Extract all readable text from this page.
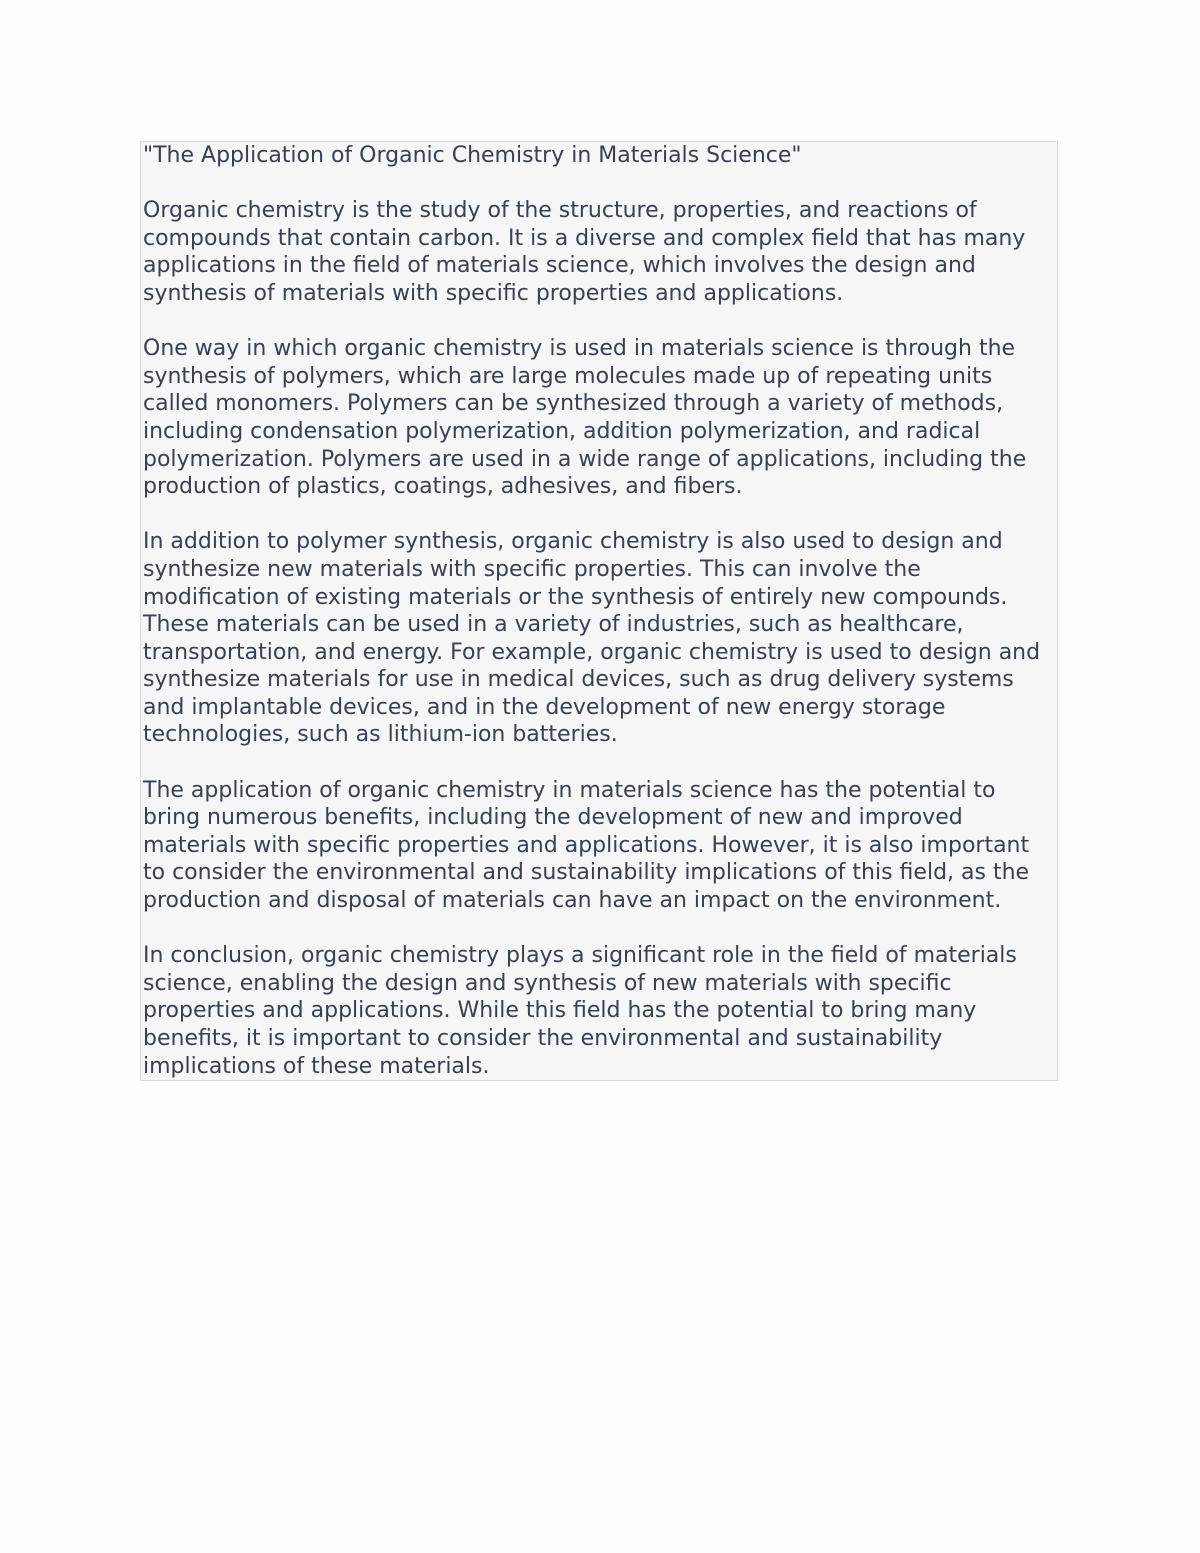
"The Application of Organic Chemistry in Materials Science"

Organic chemistry is the study of the structure, properties, and reactions of compounds that contain carbon. It is a diverse and complex field that has many applications in the field of materials science, which involves the design and synthesis of materials with specific properties and applications.

One way in which organic chemistry is used in materials science is through the synthesis of polymers, which are large molecules made up of repeating units called monomers. Polymers can be synthesized through a variety of methods, including condensation polymerization, addition polymerization, and radical polymerization. Polymers are used in a wide range of applications, including the production of plastics, coatings, adhesives, and fibers.

In addition to polymer synthesis, organic chemistry is also used to design and synthesize new materials with specific properties. This can involve the modification of existing materials or the synthesis of entirely new compounds. These materials can be used in a variety of industries, such as healthcare, transportation, and energy. For example, organic chemistry is used to design and synthesize materials for use in medical devices, such as drug delivery systems and implantable devices, and in the development of new energy storage technologies, such as lithium-ion batteries.

The application of organic chemistry in materials science has the potential to bring numerous benefits, including the development of new and improved materials with specific properties and applications. However, it is also important to consider the environmental and sustainability implications of this field, as the production and disposal of materials can have an impact on the environment.

In conclusion, organic chemistry plays a significant role in the field of materials science, enabling the design and synthesis of new materials with specific properties and applications. While this field has the potential to bring many benefits, it is important to consider the environmental and sustainability implications of these materials.
